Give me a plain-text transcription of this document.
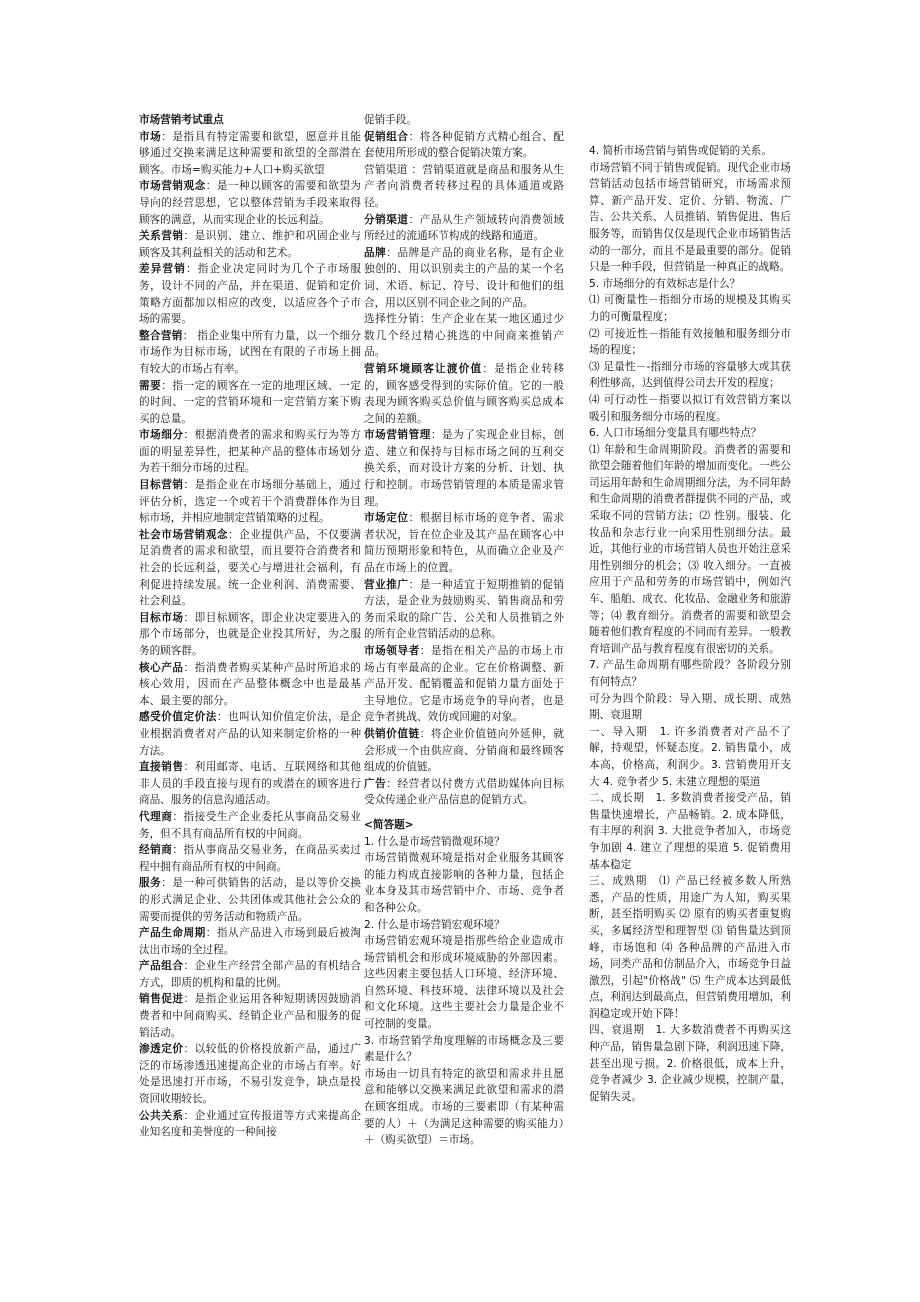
市场营销考试重点

市场：是指具有特定需要和欲望，愿意并且能够通过交换来满足这种需要和欲望的全部潜在顾客。市场=购买能力+人口+购买欲望

市场营销观念：是一种以顾客的需要和欲望为导向的经营思想，它以整体营销为手段来取得顾客的满意，从而实现企业的长远利益。

关系营销：是识别、建立、维护和巩固企业与顾客及其利益相关的活动和艺术。

差异营销：指企业决定同时为几个子市场服务，设计不同的产品，并在渠道、促销和定价策略方面都加以相应的改变，以适应各个子市场的需要。

整合营销： 指企业集中所有力量，以一个细分市场作为目标市场，试图在有限的子市场上拥有较大的市场占有率。

需要：指一定的顾客在一定的地理区域、一定的时间、一定的营销环境和一定营销方案下购买的总量。

市场细分：根据消费者的需求和购买行为等方面的明显差异性，把某种产品的整体市场划分为若干细分市场的过程。

目标营销：是指企业在市场细分基础上，通过评估分析，选定一个或若干个消费群体作为目标市场，并相应地制定营销策略的过程。

社会市场营销观念：企业提供产品，不仅要满足消费者的需求和欲望，而且要符合消费者和社会的长远利益，要关心与增进社会福利，有利促进持续发展。统一企业利润、消费需要、社会利益。

目标市场：即目标顾客，即企业决定要进入的那个市场部分，也就是企业投其所好，为之服务的顾客群。

核心产品：指消费者购买某种产品时所追求的核心效用，因而在产品整体概念中也是最基本、最主要的部分。

感受价值定价法：也叫认知价值定价法，是企业根据消费者对产品的认知来制定价格的一种方法。

直接销售：利用邮寄、电话、互联网络和其他非人员的手段直接与现有的或潜在的顾客进行商品、服务的信息沟通活动。

代理商：指接受生产企业委托从事商品交易业务，但不具有商品所有权的中间商。

经销商：指从事商品交易业务，在商品买卖过程中拥有商品所有权的中间商。

服务：是一种可供销售的活动，是以等价交换的形式满足企业、公共团体或其他社会公众的需要而提供的劳务活动和物质产品。

产品生命周期：指从产品进入市场到最后被淘汰出市场的全过程。

产品组合：企业生产经营全部产品的有机结合方式，即质的机构和量的比例。

销售促进：是指企业运用各种短期诱因鼓励消费者和中间商购买、经销企业产品和服务的促销活动。

渗透定价：以较低的价格投放新产品，通过广泛的市场渗透迅速提高企业的市场占有率。好处是迅速打开市场，不易引发竞争，缺点是投资回收期较长。

公共关系：企业通过宣传报道等方式来提高企业知名度和美誉度的一种间接

促销手段。

促销组合：将各种促销方式精心组合、配套使用所形成的整合促销决策方案。

营销渠道 ：营销渠道就是商品和服务从生产者向消费者转移过程的具体通道或路径。

分销渠道：产品从生产领域转向消费领域所经过的流通环节构成的线路和通道。

品牌：品牌是产品的商业名称，是有企业独创的、用以识别卖主的产品的某一个名词、术语、标记、符号、设计和他们的组合，用以区别不同企业之间的产品。

选择性分销：生产企业在某一地区通过少数几个经过精心挑选的中间商来推销产品。

营销环境顾客让渡价值：是指企业转移的，顾客感受得到的实际价值。它的一般表现为顾客购买总价值与顾客购买总成本之间的差额。

市场营销管理：是为了实现企业目标，创造、建立和保持与目标市场之间的互利交换关系，而对设计方案的分析、计划、执行和控制。市场营销管理的本质是需求管理。

市场定位：根据目标市场的竞争者、需求者状况，旨在位企业及其产品在顾客心中简历预期形象和特色，从而确立企业及产品在市场上的位置。

营业推广：是一种适宜于短期推销的促销方法，是企业为鼓励购买、销售商品和劳务而采取的除广告、公关和人员推销之外的所有企业营销活动的总称。

市场领导者：是指在相关产品的市场上市场占有率最高的企业。它在价格调整、新产品开发、配销覆盖和促销力量方面处于主导地位。它是市场竞争的导向者，也是竞争者挑战、效仿或回避的对象。

供销价值链：将企业价值链向外延伸，就会形成一个由供应商、分销商和最终顾客组成的价值链。

广告：经营者以付费方式借助媒体向目标受众传递企业产品信息的促销方式。

<简答题>

1. 什么是市场营销微观环境？

市场营销微观环境是指对企业服务其顾客的能力构成直接影响的各种力量，包括企业本身及其市场营销中介、市场、竞争者和各种公众。

2. 什么是市场营销宏观环境？

市场营销宏观环境是指那些给企业造成市场营销机会和形成环境威胁的外部因素。这些因素主要包括人口环境、经济环境、自然环境、科技环境、法律环境以及社会和文化环境。这些主要社会力量是企业不可控制的变量。

3. 市场营销学角度理解的市场概念及三要素是什么？

市场由一切具有特定的欲望和需求并且愿意和能够以交换来满足此欲望和需求的潜在顾客组成。市场的三要素即（有某种需要的人）＋（为满足这种需要的购买能力）＋（购买欲望）＝市场。

4. 简析市场营销与销售或促销的关系。

市场营销不同于销售或促销。现代企业市场营销活动包括市场营销研究，市场需求预算、新产品开发、定价、分销、物流、广告、公共关系、人员推销、销售促进、售后服务等，而销售仅仅是现代企业市场销售活动的一部分，而且不是最重要的部分。促销只是一种手段，但营销是一种真正的战略。

5. 市场细分的有效标志是什么？

⑴ 可衡量性－指细分市场的规模及其购买力的可衡量程度；

⑵ 可接近性－指能有效接触和服务细分市场的程度；

⑶ 足量性－-指细分市场的容量够大或其获利性够高，达到值得公司去开发的程度；

⑷ 可行动性－指要以拟订有效营销方案以吸引和服务细分市场的程度。

6. 人口市场细分变量具有哪些特点？

⑴ 年龄和生命周期阶段。消费者的需要和欲望会随着他们年龄的增加而变化。一些公司运用年龄和生命周期细分法，为不同年龄和生命周期的消费者群提供不同的产品，或采取不同的营销方法；⑵ 性别。服装、化妆品和杂志行业一向采用性别细分法。最近，其他行业的市场营销人员也开始注意采用性别细分的机会；⑶ 收入细分。一直被应用于产品和劳务的市场营销中，例如汽车、船舶、成衣、化妆品、金融业务和旅游等；⑷ 教育细分。消费者的需要和欲望会随着他们教育程度的不同而有差异。一般教育培训产品与教育程度有很密切的关系。

7. 产品生命周期有哪些阶段？各阶段分别有何特点？

可分为四个阶段：导入期、成长期、成熟期、衰退期

一、导入期　1. 许多消费者对产品不了解，持观望，怀疑态度。2. 销售量小，成本高，价格高，利润少。3. 营销费用开支大 4. 竞争者少 5. 未建立理想的渠道

二、成长期　1. 多数消费者接受产品，销售量快速增长，产品畅销。2. 成本降低，有丰厚的利润 3. 大批竞争者加入，市场竞争加剧 4. 建立了理想的渠道 5. 促销费用基本稳定

三、成熟期　⑴ 产品已经被多数人所熟悉，产品的性质，用途广为人知，购买果断，甚至指明购买 ⑵ 原有的购买者重复购买，多属经济型和理智型 ⑶ 销售量达到顶峰，市场饱和 ⑷ 各种品牌的产品进入市场，同类产品和仿制品介入，市场竞争日益激烈，引起"价格战" ⑸ 生产成本达到最低点，利润达到最高点，但营销费用增加，利润稳定或开始下降！

四、衰退期　1. 大多数消费者不再购买这种产品，销售量急剧下降，利润迅速下降，甚至出现亏损。2. 价格很低，成本上升，竞争者减少 3. 企业减少规模，控制产量，促销失灵。
